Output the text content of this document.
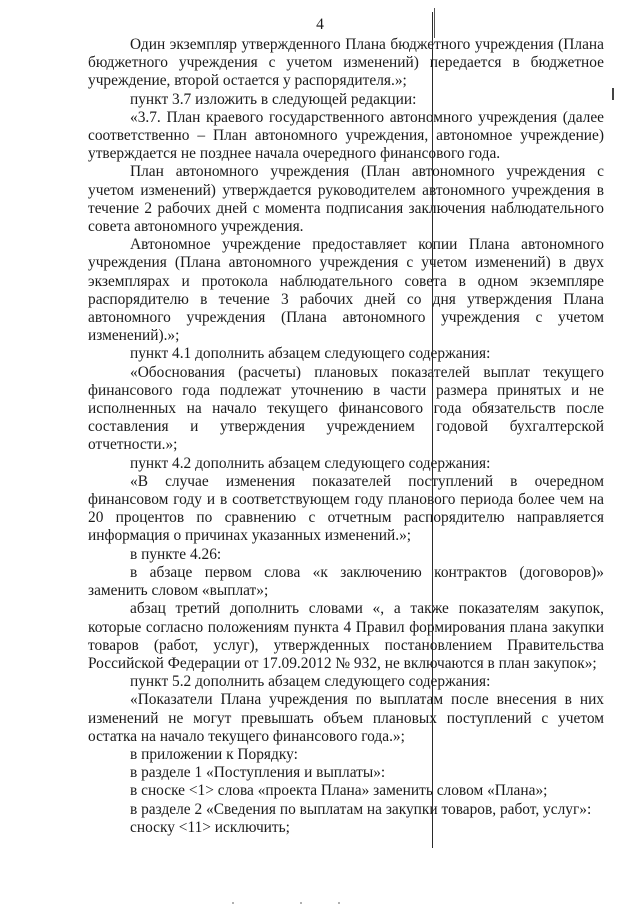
4

Один экземпляр утвержденного Плана бюджетного учреждения (Плана бюджетного учреждения с учетом изменений) передается в бюджетное учреждение, второй остается у распорядителя.»;

пункт 3.7 изложить в следующей редакции:

«3.7. План краевого государственного автономного учреждения (далее соответственно – План автономного учреждения, автономное учреждение) утверждается не позднее начала очередного финансового года.

План автономного учреждения (План автономного учреждения с учетом изменений) утверждается руководителем автономного учреждения в течение 2 рабочих дней с момента подписания заключения наблюдательного совета автономного учреждения.

Автономное учреждение предоставляет копии Плана автономного учреждения (Плана автономного учреждения с учетом изменений) в двух экземплярах и протокола наблюдательного совета в одном экземпляре распорядителю в течение 3 рабочих дней со дня утверждения Плана автономного учреждения (Плана автономного учреждения с учетом изменений).»;

пункт 4.1 дополнить абзацем следующего содержания:

«Обоснования (расчеты) плановых показателей выплат текущего финансового года подлежат уточнению в части размера принятых и не исполненных на начало текущего финансового года обязательств после составления и утверждения учреждением годовой бухгалтерской отчетности.»;

пункт 4.2 дополнить абзацем следующего содержания:

«В случае изменения показателей поступлений в очередном финансовом году и в соответствующем году планового периода более чем на 20 процентов по сравнению с отчетным распорядителю направляется информация о причинах указанных изменений.»;

в пункте 4.26:

в абзаце первом слова «к заключению контрактов (договоров)» заменить словом «выплат»;

абзац третий дополнить словами «, а также показателям закупок, которые согласно положениям пункта 4 Правил формирования плана закупки товаров (работ, услуг), утвержденных постановлением Правительства Российской Федерации от 17.09.2012 № 932, не включаются в план закупок»;

пункт 5.2 дополнить абзацем следующего содержания:

«Показатели Плана учреждения по выплатам после внесения в них изменений не могут превышать объем плановых поступлений с учетом остатка на начало текущего финансового года.»;

в приложении к Порядку:

в разделе 1 «Поступления и выплаты»:

в сноске <1> слова «проекта Плана» заменить словом «Плана»;

в разделе 2 «Сведения по выплатам на закупки товаров, работ, услуг»:

сноску <11> исключить;
